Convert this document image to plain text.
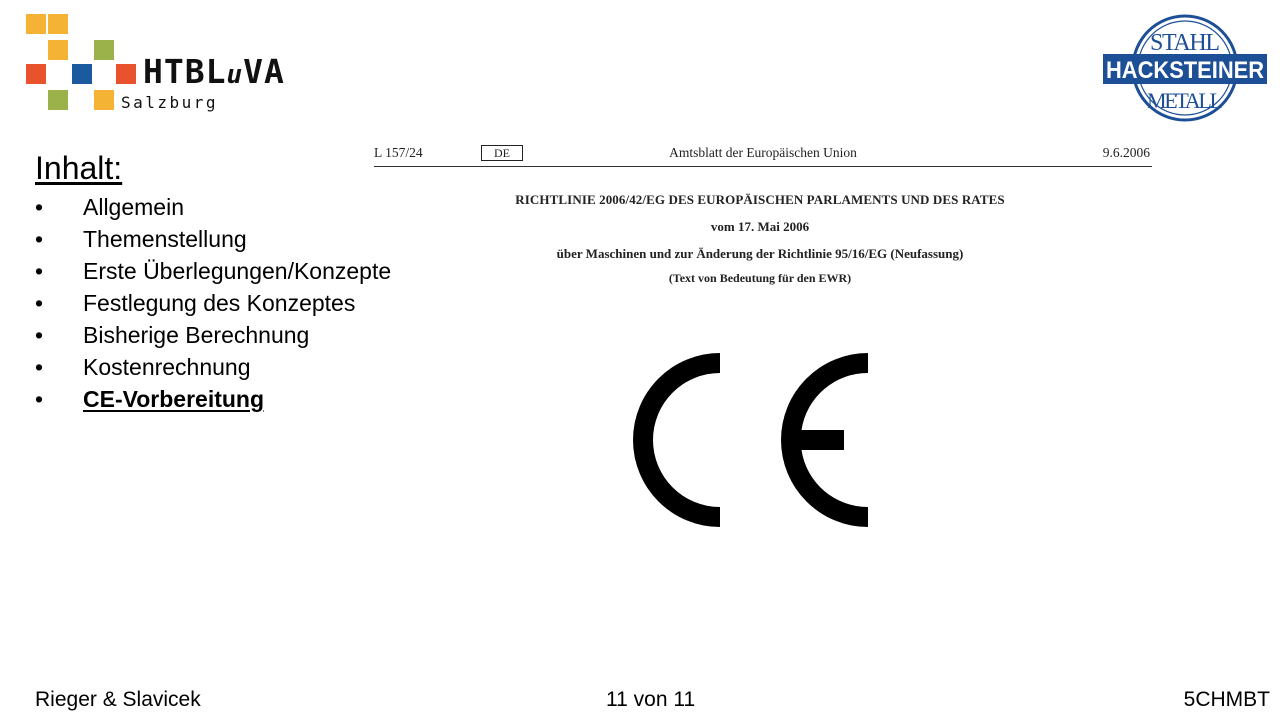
HTBLuVA
Salzburg
STAHL
HACKSTEINER
METALL
Inhalt:
•	Allgemein
•	Themenstellung
•	Erste Überlegungen/Konzepte
•	Festlegung des Konzeptes
•	Bisherige Berechnung
•	Kostenrechnung
•	CE-Vorbereitung
Amtsblatt der Europäischen Union
L 157/24	DE	9.6.2006
RICHTLINIE 2006/42/EG DES EUROPÄISCHEN PARLAMENTS UND DES RATES
vom 17. Mai 2006
über Maschinen und zur Änderung der Richtlinie 95/16/EG (Neufassung)
(Text von Bedeutung für den EWR)
Rieger & Slavicek	11 von 11	5CHMBT
